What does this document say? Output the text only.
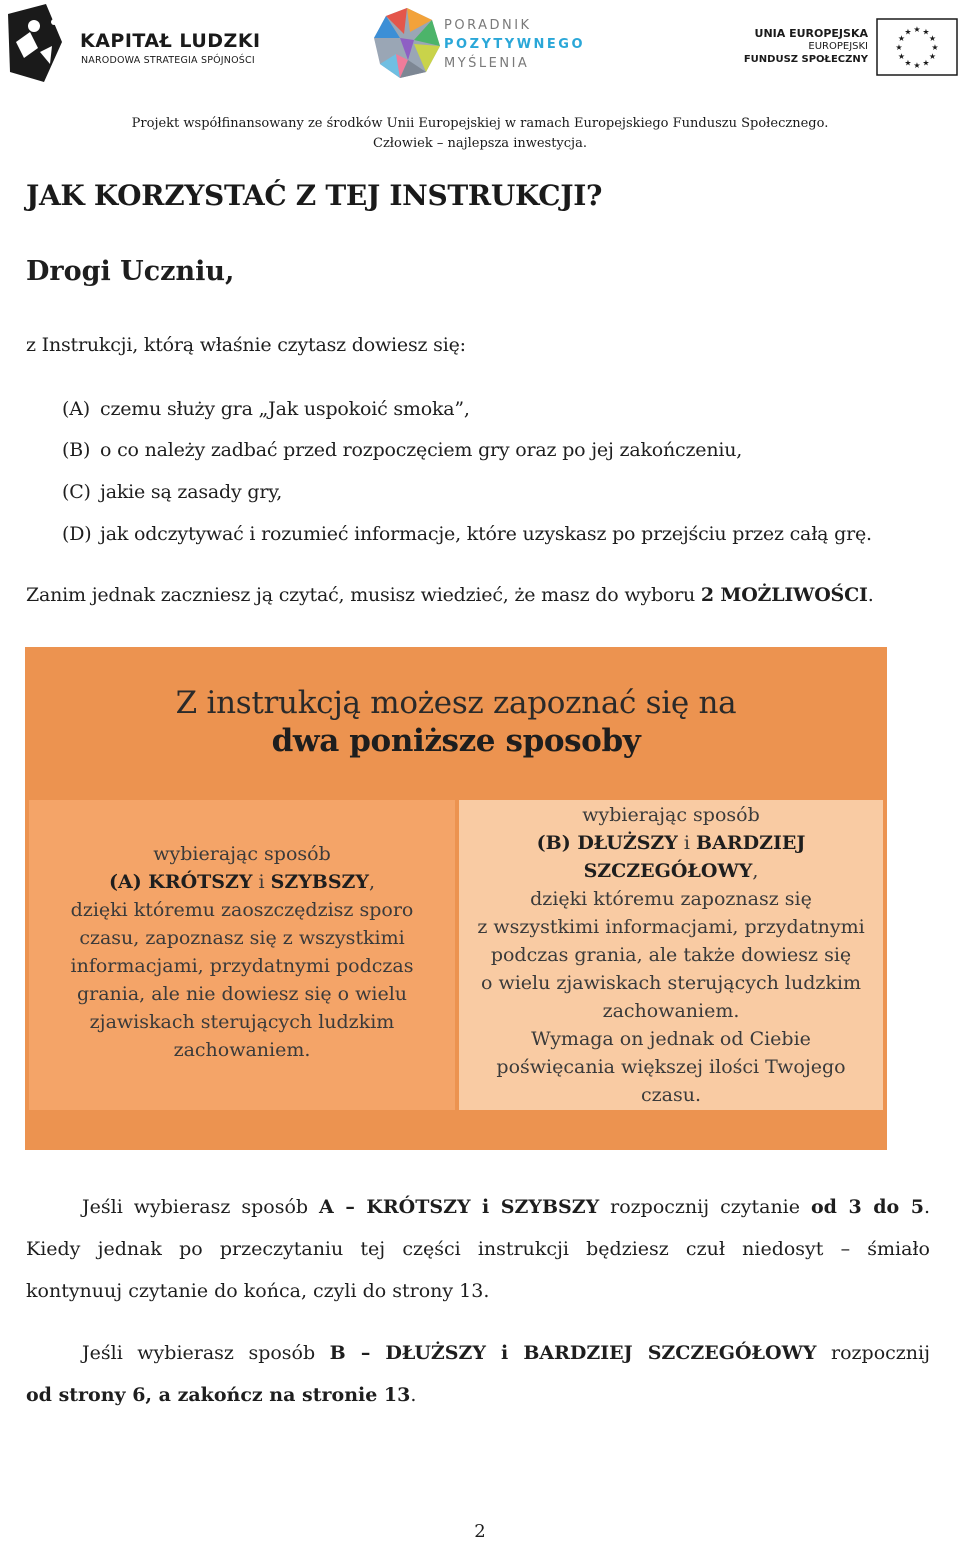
KAPITAŁ LUDZKI
NARODOWA STRATEGIA SPÓJNOŚCI
PORADNIK
POZYTYWNEGO
MYŚLENIA
UNIA EUROPEJSKA
EUROPEJSKI
FUNDUSZ SPOŁECZNY
★ ★
★
★
★
★
★
★
★
★
★
★
Projekt współfinansowany ze środków Unii Europejskiej w ramach Europejskiego Funduszu Społecznego.
Człowiek – najlepsza inwestycja.
JAK KORZYSTAĆ Z TEJ INSTRUKCJI?
Drogi Uczniu,
z Instrukcji, którą właśnie czytasz dowiesz się:
(A) czemu służy gra „Jak uspokoić smoka”,
(B) o co należy zadbać przed rozpoczęciem gry oraz po jej zakończeniu,
(C) jakie są zasady gry,
(D) jak odczytywać i rozumieć informacje, które uzyskasz po przejściu przez całą grę.
Zanim jednak zaczniesz ją czytać, musisz wiedzieć, że masz do wyboru 2 MOŻLIWOŚCI.
Z instrukcją możesz zapoznać się na
dwa poniższe sposoby
wybierając sposób
(A) KRÓTSZY i SZYBSZY,
dzięki któremu zaoszczędzisz sporo
czasu, zapoznasz się z wszystkimi
informacjami, przydatnymi podczas
grania, ale nie dowiesz się o wielu
zjawiskach sterujących ludzkim
zachowaniem.
wybierając sposób
(B) DŁUŻSZY i BARDZIEJ
SZCZEGÓŁOWY,
dzięki któremu zapoznasz się
z wszystkimi informacjami, przydatnymi
podczas grania, ale także dowiesz się
o wielu zjawiskach sterujących ludzkim
zachowaniem.
Wymaga on jednak od Ciebie
poświęcania większej ilości Twojego
czasu.
Jeśli wybierasz sposób A – KRÓTSZY i SZYBSZY rozpocznij czytanie od 3 do 5.
Kiedy jednak po przeczytaniu tej części instrukcji będziesz czuł niedosyt – śmiało
kontynuuj czytanie do końca, czyli do strony 13.
Jeśli wybierasz sposób B – DŁUŻSZY i BARDZIEJ SZCZEGÓŁOWY rozpocznij
od strony 6, a zakończ na stronie 13.
2
